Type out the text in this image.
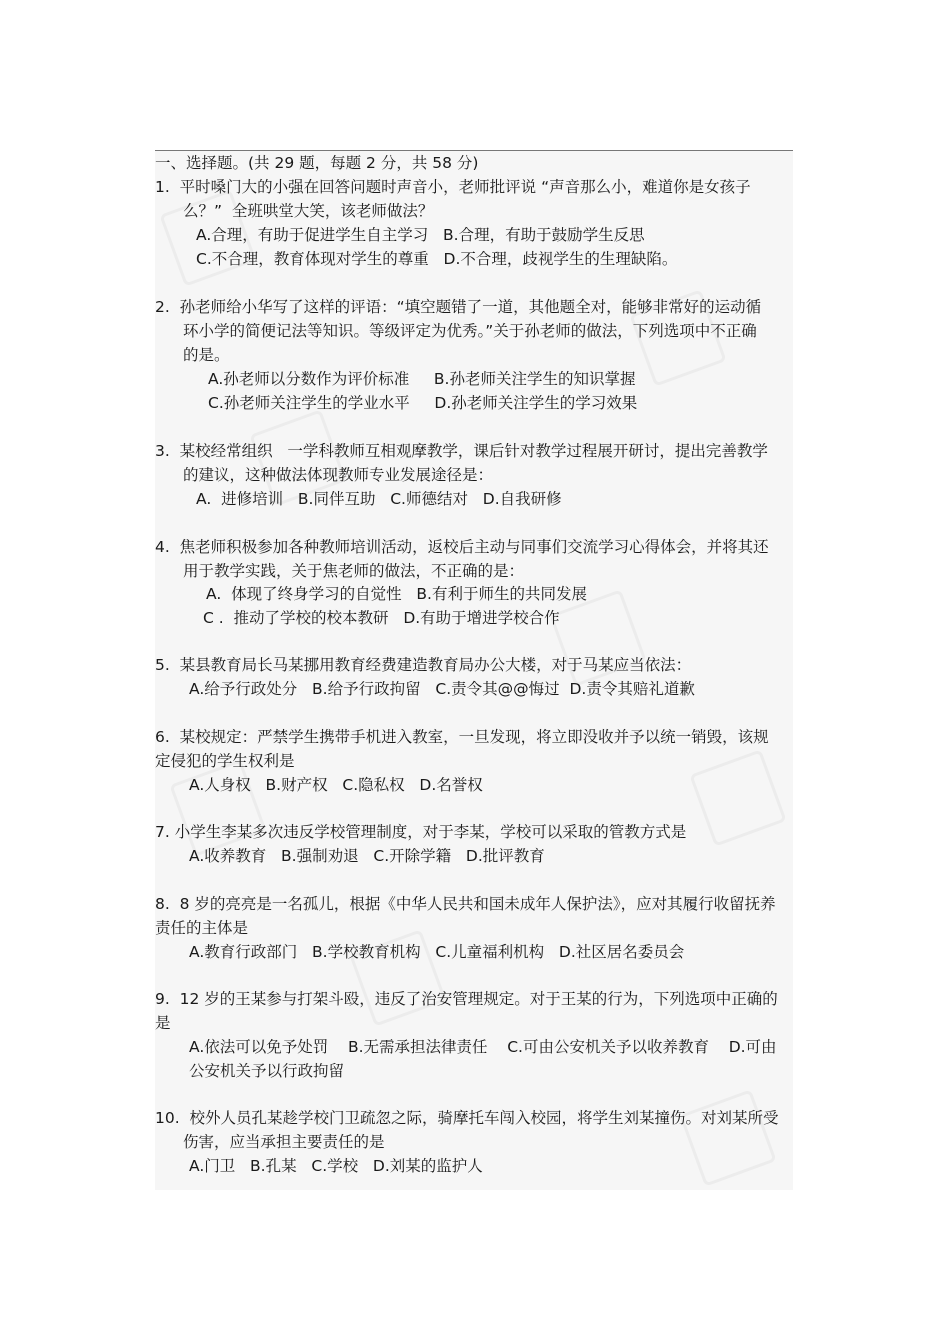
一、选择题。(共 29 题，每题 2 分，共 58 分)
1.  平时嗓门大的小强在回答问题时声音小，老师批评说 “声音那么小，难道你是女孩子
么？”  全班哄堂大笑，该老师做法？
A.合理，有助于促进学生自主学习   B.合理，有助于鼓励学生反思
C.不合理，教育体现对学生的尊重   D.不合理，歧视学生的生理缺陷。
2.  孙老师给小华写了这样的评语：“填空题错了一道，其他题全对，能够非常好的运动循
环小学的简便记法等知识。等级评定为优秀。”关于孙老师的做法，下列选项中不正确
的是。
A.孙老师以分数作为评价标准     B.孙老师关注学生的知识掌握
C.孙老师关注学生的学业水平     D.孙老师关注学生的学习效果
3.  某校经常组织   一学科教师互相观摩教学，课后针对教学过程展开研讨，提出完善教学
的建议，这种做法体现教师专业发展途径是：
A.  进修培训   B.同伴互助   C.师德结对   D.自我研修
4.  焦老师积极参加各种教师培训活动，返校后主动与同事们交流学习心得体会，并将其还
用于教学实践，关于焦老师的做法，不正确的是：
A.  体现了终身学习的自觉性   B.有利于师生的共同发展
C .  推动了学校的校本教研   D.有助于增进学校合作
5.  某县教育局长马某挪用教育经费建造教育局办公大楼，对于马某应当依法：
A.给予行政处分   B.给予行政拘留   C.责令其@@悔过  D.责令其赔礼道歉
6.  某校规定：严禁学生携带手机进入教室，一旦发现，将立即没收并予以统一销毁，该规
定侵犯的学生权利是
A.人身权   B.财产权   C.隐私权   D.名誉权
7. 小学生李某多次违反学校管理制度，对于李某，学校可以采取的管教方式是
A.收养教育   B.强制劝退   C.开除学籍   D.批评教育
8.  8 岁的亮亮是一名孤儿，根据《中华人民共和国未成年人保护法》，应对其履行收留抚养
责任的主体是
A.教育行政部门   B.学校教育机构   C.儿童福利机构   D.社区居名委员会
9.  12 岁的王某参与打架斗殴，违反了治安管理规定。对于王某的行为，下列选项中正确的
是
A.依法可以免予处罚    B.无需承担法律责任    C.可由公安机关予以收养教育    D.可由
公安机关予以行政拘留
10.  校外人员孔某趁学校门卫疏忽之际，骑摩托车闯入校园，将学生刘某撞伤。对刘某所受
伤害，应当承担主要责任的是
A.门卫   B.孔某   C.学校   D.刘某的监护人
